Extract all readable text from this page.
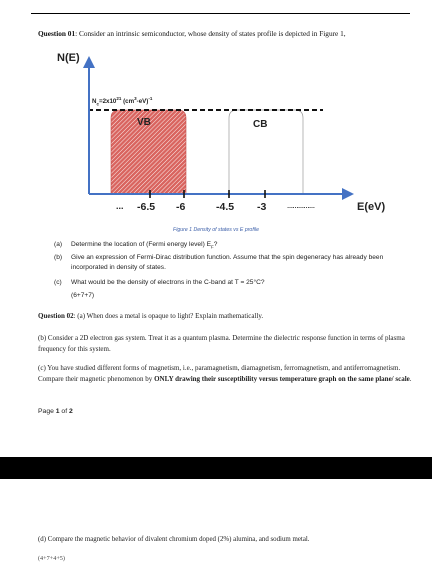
Question 01: Consider an intrinsic semiconductor, whose density of states profile is depicted in Figure 1,
N(E)
$N_c=2x10^{21}$ $(cm^3-eV)^{-1}$
VB	CB
... -6.5 -6	-4.5 -3	……………	E(eV)
Figure 1 Density of states vs E profile
(a) Determine the location of (Fermi energy level) $E_F$?
(b) Give an expression of Fermi-Dirac distribution function. Assume that the spin degeneracy has already been incorporated in density of states.
(c) What would be the density of electrons in the C-band at T = 25°C?
(6+7+7)
Question 02: (a) When does a metal is opaque to light? Explain mathematically.
(b) Consider a 2D electron gas system. Treat it as a quantum plasma. Determine the dielectric response function in terms of plasma frequency for this system.
(c) You have studied different forms of magnetism, i.e., paramagnetism, diamagnetism, ferromagnetism, and antiferromagnetism. Compare their magnetic phenomenon by ONLY drawing their susceptibility versus temperature graph on the same plane/ scale.
Page 1 of 2
(d) Compare the magnetic behavior of divalent chromium doped (2%) alumina, and sodium metal.
(4+7+4+5)
